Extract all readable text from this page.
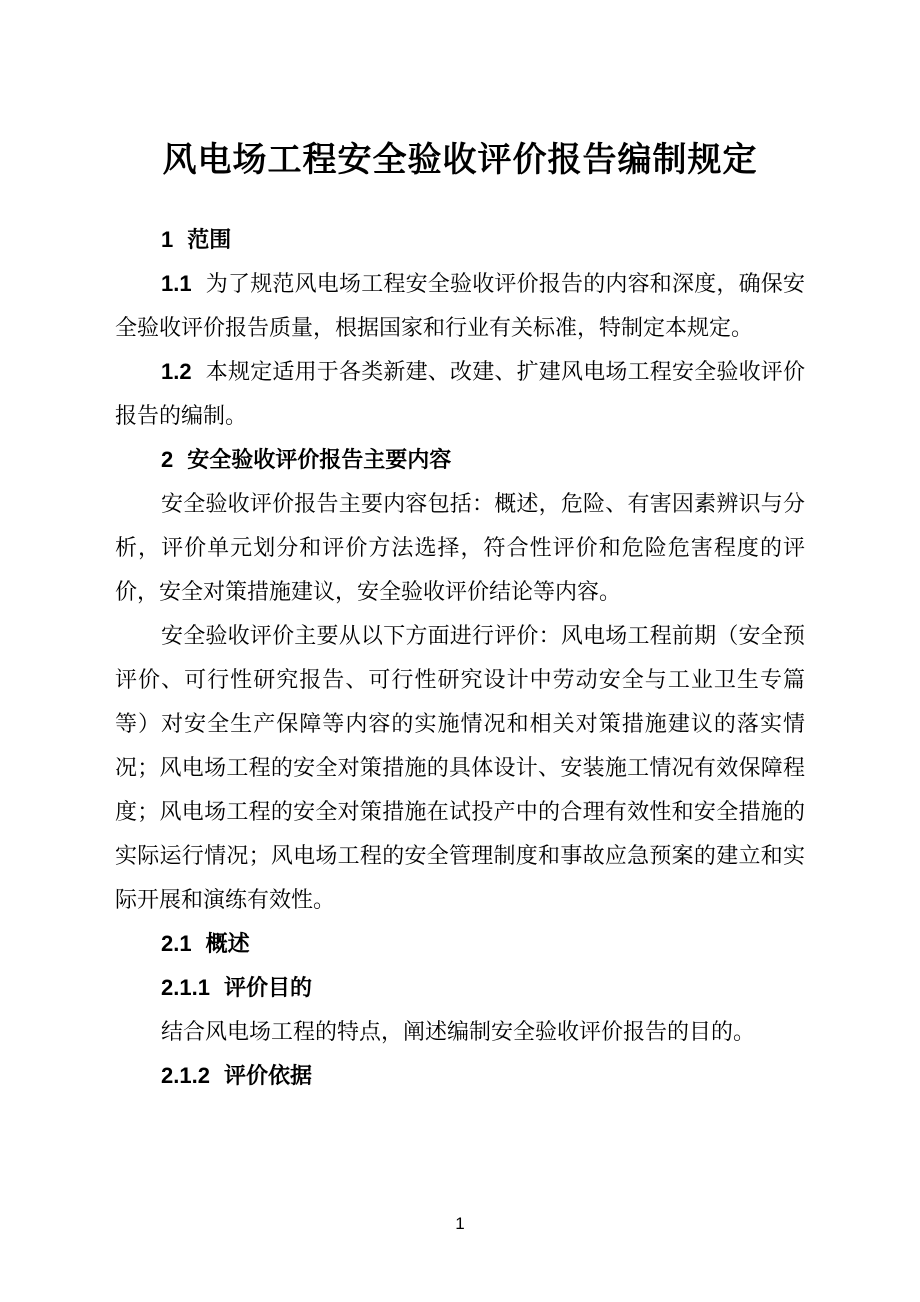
风电场工程安全验收评价报告编制规定

1 范围

1.1 为了规范风电场工程安全验收评价报告的内容和深度，确保安全验收评价报告质量，根据国家和行业有关标准，特制定本规定。

1.2 本规定适用于各类新建、改建、扩建风电场工程安全验收评价报告的编制。

2 安全验收评价报告主要内容

安全验收评价报告主要内容包括：概述，危险、有害因素辨识与分析，评价单元划分和评价方法选择，符合性评价和危险危害程度的评价，安全对策措施建议，安全验收评价结论等内容。

安全验收评价主要从以下方面进行评价：风电场工程前期（安全预评价、可行性研究报告、可行性研究设计中劳动安全与工业卫生专篇等）对安全生产保障等内容的实施情况和相关对策措施建议的落实情况；风电场工程的安全对策措施的具体设计、安装施工情况有效保障程度；风电场工程的安全对策措施在试投产中的合理有效性和安全措施的实际运行情况；风电场工程的安全管理制度和事故应急预案的建立和实际开展和演练有效性。

2.1 概述

2.1.1 评价目的

结合风电场工程的特点，阐述编制安全验收评价报告的目的。

2.1.2 评价依据

1
